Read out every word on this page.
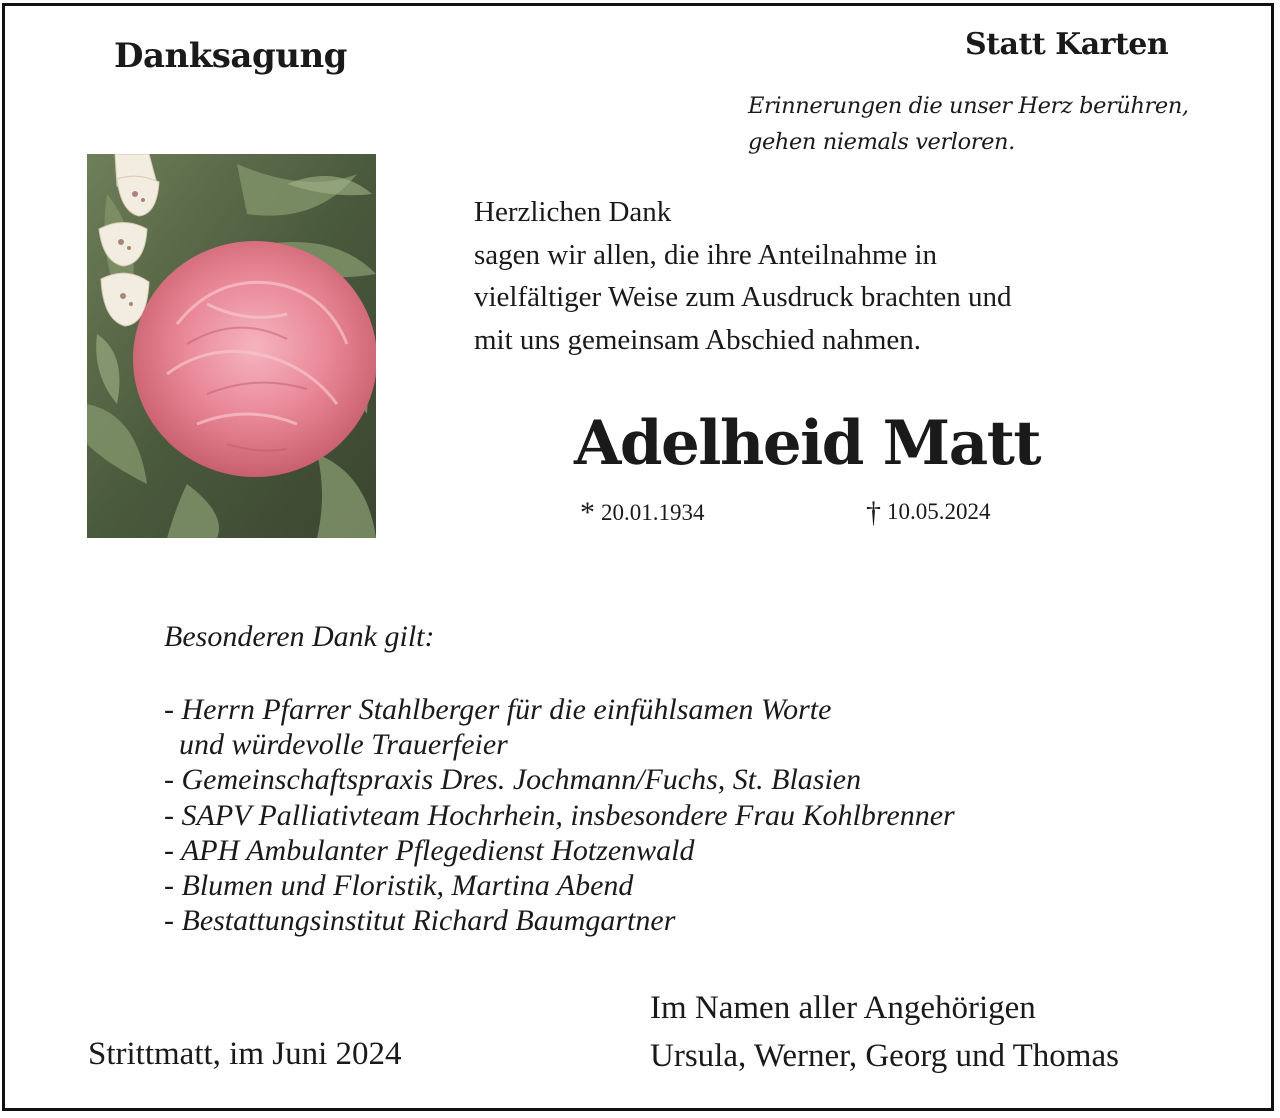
Danksagung	Statt Karten
Erinnerungen die unser Herz berühren,
gehen niemals verloren.
Herzlichen Dank
sagen wir allen, die ihre Anteilnahme in
vielfältiger Weise zum Ausdruck brachten und
mit uns gemeinsam Abschied nahmen.
Adelheid Matt
* 20.01.1934	† 10.05.2024
Besonderen Dank gilt:
- Herrn Pfarrer Stahlberger für die einfühlsamen Worte
und würdevolle Trauerfeier
- Gemeinschaftspraxis Dres. Jochmann/Fuchs, St. Blasien
- SAPV Palliativteam Hochrhein, insbesondere Frau Kohlbrenner
- APH Ambulanter Pflegedienst Hotzenwald
- Blumen und Floristik, Martina Abend
- Bestattungsinstitut Richard Baumgartner
Strittmatt, im Juni 2024
Im Namen aller Angehörigen
Ursula, Werner, Georg und Thomas
